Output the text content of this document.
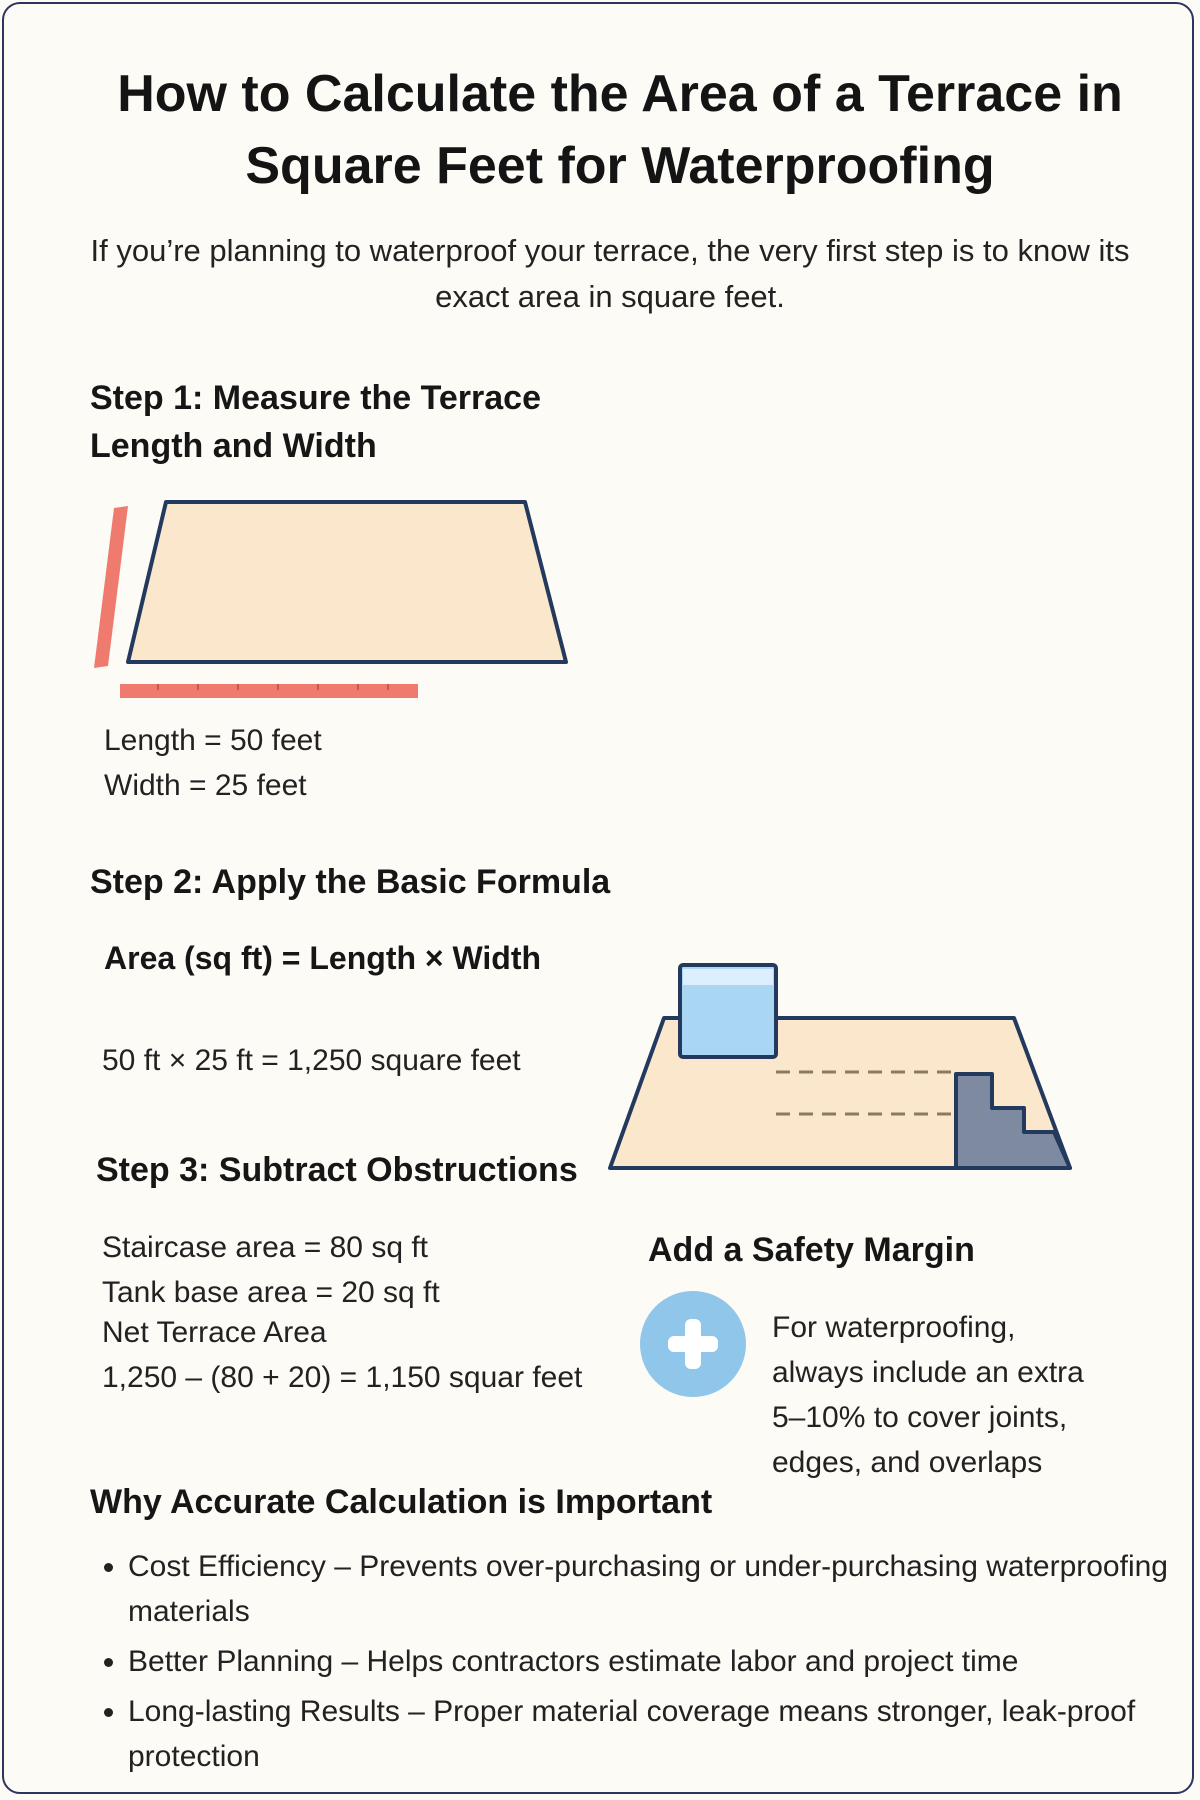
How to Calculate the Area of a Terrace in Square Feet for Waterproofing
If you’re planning to waterproof your terrace, the very first step is to know its exact area in square feet.
Step 1: Measure the Terrace
Length and Width
Length = 50 feet
Width = 25 feet
Step 2: Apply the Basic Formula
Area (sq ft) = Length × Width
50 ft × 25 ft = 1,250 square feet
Step 3: Subtract Obstructions
Staircase area = 80 sq ft
Tank base area = 20 sq ft
Net Terrace Area
1,250 – (80 + 20) = 1,150 squar feet
Add a Safety Margin
For waterproofing,
always include an extra
5–10% to cover joints,
edges, and overlaps
Why Accurate Calculation is Important
• Cost Efficiency – Prevents over-purchasing or under-purchasing waterproofing materials
• Better Planning – Helps contractors estimate labor and project time
• Long-lasting Results – Proper material coverage means stronger, leak-proof protection
